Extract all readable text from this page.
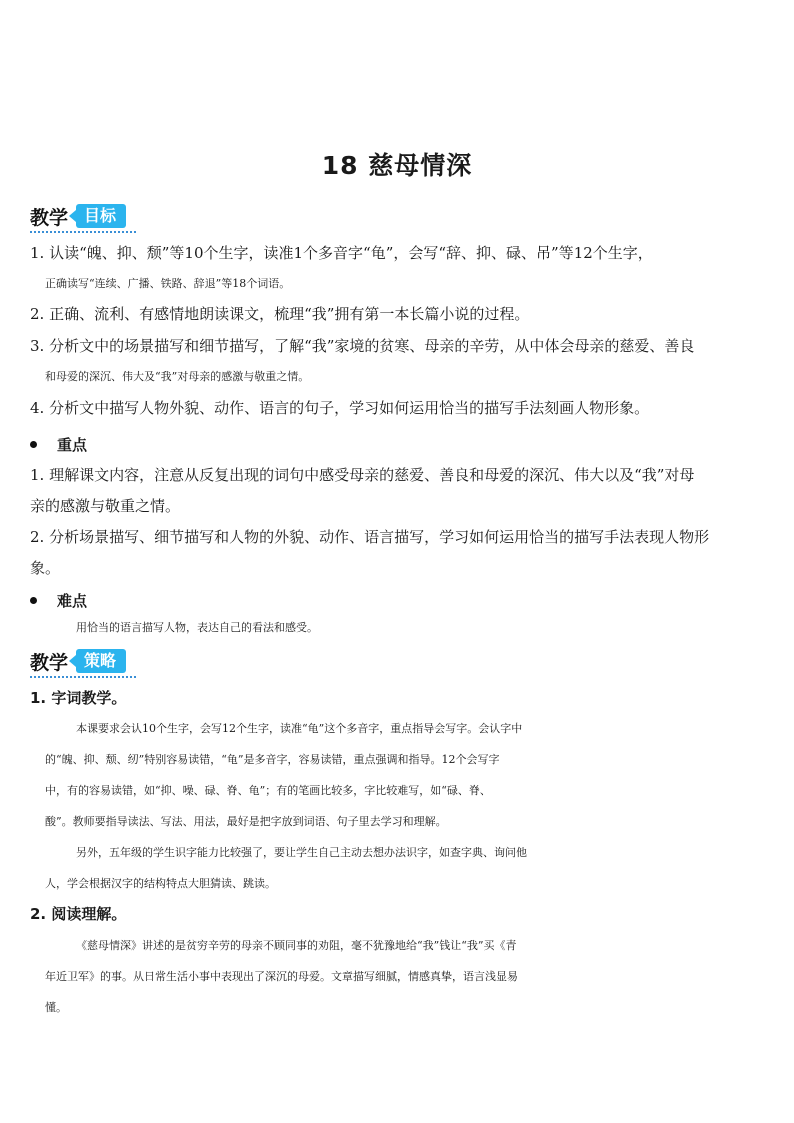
18 慈母情深
教学	目标
1. 认读“魄、抑、颓”等10个生字，读准1个多音字“龟”，会写“辞、抑、碌、吊”等12个生字，
正确读写“连续、广播、铁路、辞退”等18个词语。
2. 正确、流利、有感情地朗读课文，梳理“我”拥有第一本长篇小说的过程。
3. 分析文中的场景描写和细节描写，了解“我”家境的贫寒、母亲的辛劳，从中体会母亲的慈爱、善良
和母爱的深沉、伟大及“我”对母亲的感激与敬重之情。
4. 分析文中描写人物外貌、动作、语言的句子，学习如何运用恰当的描写手法刻画人物形象。
重点
1. 理解课文内容，注意从反复出现的词句中感受母亲的慈爱、善良和母爱的深沉、伟大以及“我”对母
亲的感激与敬重之情。
2. 分析场景描写、细节描写和人物的外貌、动作、语言描写，学习如何运用恰当的描写手法表现人物形
象。
难点
用恰当的语言描写人物，表达自己的看法和感受。
教学	策略
1. 字词教学。
本课要求会认10个生字，会写12个生字，读准“龟”这个多音字，重点指导会写字。会认字中
的“魄、抑、颓、纫”特别容易读错，“龟”是多音字，容易读错，重点强调和指导。12个会写字
中，有的容易读错，如“抑、噪、碌、脊、龟”；有的笔画比较多，字比较难写，如“碌、脊、
酸”。教师要指导读法、写法、用法，最好是把字放到词语、句子里去学习和理解。
另外，五年级的学生识字能力比较强了，要让学生自己主动去想办法识字，如查字典、询问他
人，学会根据汉字的结构特点大胆猜读、跳读。
2. 阅读理解。
《慈母情深》讲述的是贫穷辛劳的母亲不顾同事的劝阻，毫不犹豫地给“我”钱让“我”买《青
年近卫军》的事。从日常生活小事中表现出了深沉的母爱。文章描写细腻，情感真挚，语言浅显易
懂。
